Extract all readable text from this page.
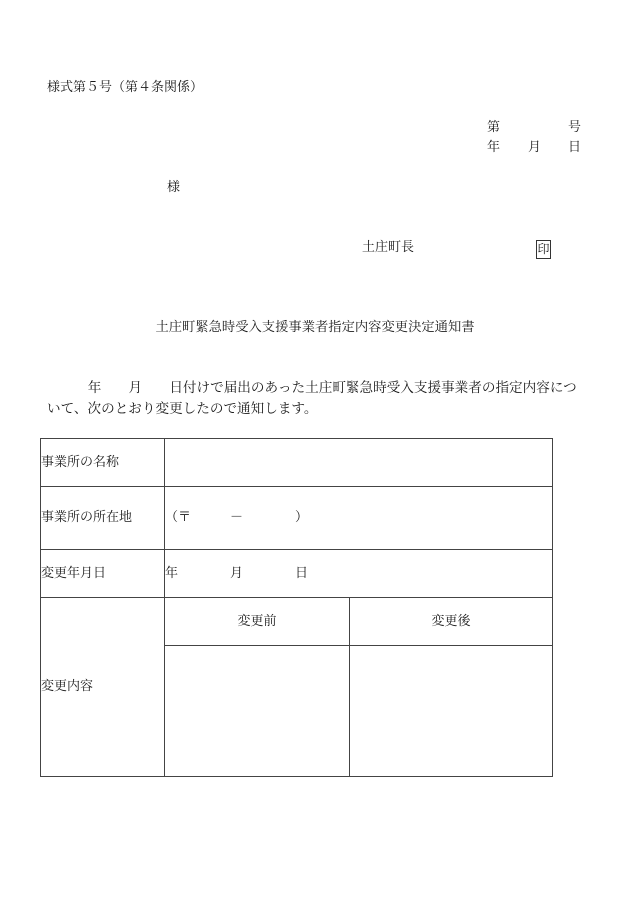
様式第５号（第４条関係）
第	号
年 月 日
様
土庄町長	印
土庄町緊急時受入支援事業者指定内容変更決定通知書
　　　年　　月　　日付けで届出のあった土庄町緊急時受入支援事業者の指定内容につ
いて、次のとおり変更したので通知します。
事業所の名称		
事業所の所在地	（〒　　　－　　　　）	
変更年月日	年　　　　月　　　　日	
変更内容	変更前	変更後
